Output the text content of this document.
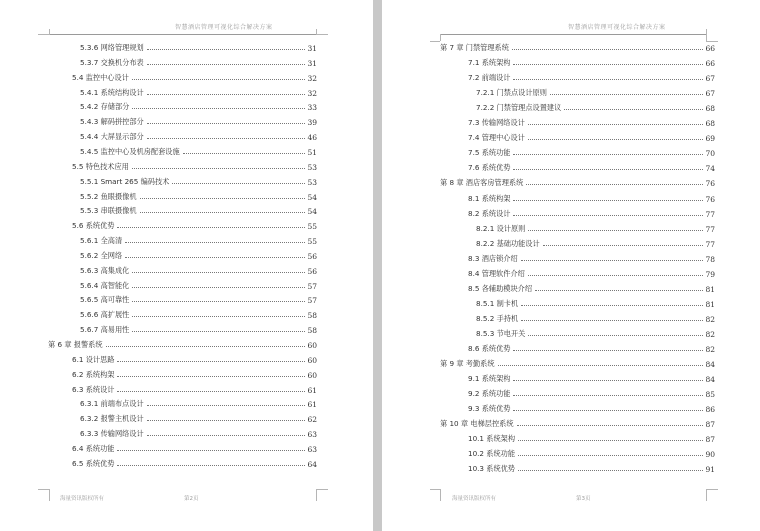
智慧酒店管理可视化综合解决方案
5.3.6 网络管理规划	31
5.3.7 交换机分布表	31
5.4 监控中心设计	32
5.4.1 系统结构设计	32
5.4.2 存储部分	33
5.4.3 解码拼控部分	39
5.4.4 大屏显示部分	46
5.4.5 监控中心及机房配套设施	51
5.5 特色技术应用	53
5.5.1 Smart 265 编码技术	53
5.5.2 鱼眼摄像机	54
5.5.3 串联摄像机	54
5.6 系统优势	55
5.6.1 全高清	55
5.6.2 全网络	56
5.6.3 高集成化	56
5.6.4 高智能化	57
5.6.5 高可靠性	57
5.6.6 高扩展性	58
5.6.7 高易用性	58
第 6 章 报警系统	60
6.1 设计思路	60
6.2 系统构架	60
6.3 系统设计	61
6.3.1 前端布点设计	61
6.3.2 报警主机设计	62
6.3.3 传输网络设计	63
6.4 系统功能	63
6.5 系统优势	64
海量资讯版权所有	第2页
智慧酒店管理可视化综合解决方案
第 7 章 门禁管理系统	66
7.1 系统架构	66
7.2 前端设计	67
7.2.1 门禁点设计原则	67
7.2.2 门禁管理点设置建议	68
7.3 传输网络设计	68
7.4 管理中心设计	69
7.5 系统功能	70
7.6 系统优势	74
第 8 章 酒店客房管理系统	76
8.1 系统构架	76
8.2 系统设计	77
8.2.1 设计原则	77
8.2.2 基础功能设计	77
8.3 酒店锁介绍	78
8.4 管理软件介绍	79
8.5 各辅助模块介绍	81
8.5.1 制卡机	81
8.5.2 手持机	82
8.5.3 节电开关	82
8.6 系统优势	82
第 9 章 考勤系统	84
9.1 系统架构	84
9.2 系统功能	85
9.3 系统优势	86
第 10 章 电梯层控系统	87
10.1 系统架构	87
10.2 系统功能	90
10.3 系统优势	91
海量资讯版权所有	第3页
